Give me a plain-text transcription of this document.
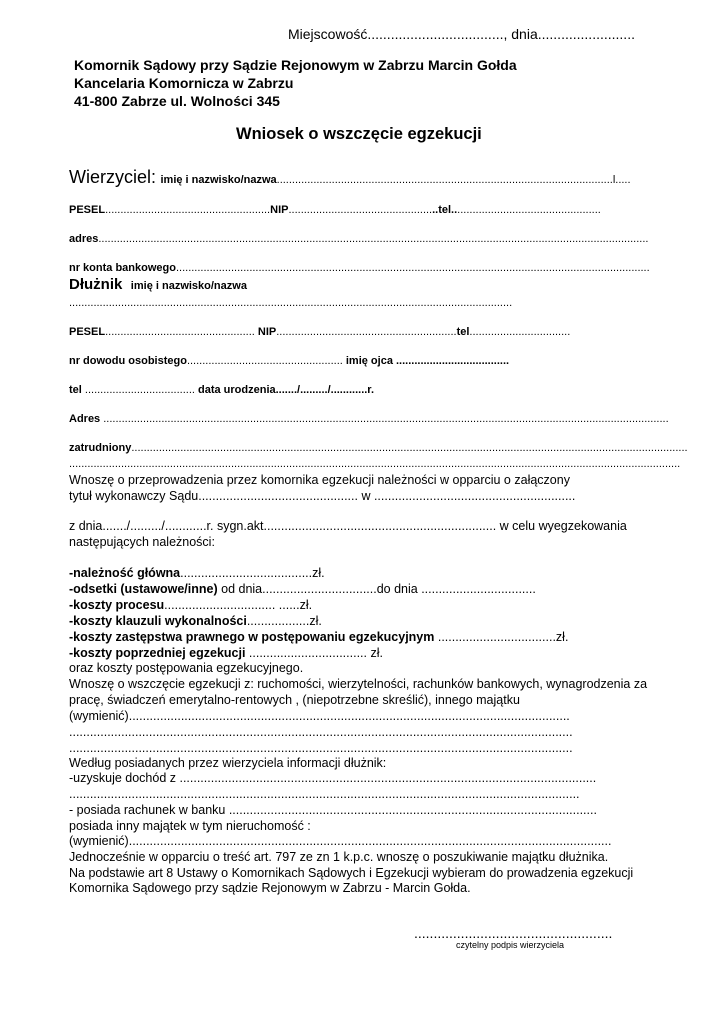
Miejscowość..................................., dnia.........................
Komornik Sądowy przy Sądzie Rejonowym w Zabrzu Marcin Gołda
Kancelaria Komornicza w Zabrzu
41-800 Zabrze ul. Wolności 345
Wniosek o wszczęcie egzekucji
Wierzyciel: imię i nazwisko/nazwa..............................................................................................................l.....
PESEL......................................................NIP.................................................tel.................................................
adres....................................................................................................................................................................................
nr konta bankowego...........................................................................................................................................................
Dłużnik imię i nazwisko/nazwa
.................................................................................................................................................
PESEL................................................. NIP...........................................................tel.................................
nr dowodu osobistego................................................... imię ojca .....................................
tel .................................... data urodzenia......./........./............r.
Adres .........................................................................................................................................................................................
zatrudniony......................................................................................................................................................................................
........................................................................................................................................................................................................
Wnoszę o przeprowadzenia przez komornika egzekucji należności w opparciu o załączony
tytuł wykonawczy Sądu.............................................. w ..........................................................
z dnia......./........./............r. sygn.akt................................................................... w celu wyegzekowania
następujących należności:
-należność główna......................................zł.
-odsetki (ustawowe/inne) od dnia.................................do dnia .................................
-koszty procesu................................ ......zł.
-koszty klauzuli wykonalności..................zł.
-koszty zastępstwa prawnego w postępowaniu egzekucyjnym ..................................zł.
-koszty poprzedniej egzekucji .................................. zł.
oraz koszty postępowania egzekucyjnego.
Wnoszę o wszczęcie egzekucji z: ruchomości, wierzytelności, rachunków bankowych, wynagrodzenia za
pracę, świadczeń emerytalno-rentowych , (niepotrzebne skreślić), innego majątku
(wymienić)...............................................................................................................................
.................................................................................................................................................
.................................................................................................................................................
Według posiadanych przez wierzyciela informacji dłużnik:
-uzyskuje dochód z ........................................................................................................................
...................................................................................................................................................
- posiada rachunek w banku ..........................................................................................................
posiada inny majątek w tym nieruchomość :
(wymienić)...........................................................................................................................................
Jednocześnie w opparciu o treść art. 797 ze zn 1 k.p.c. wnoszę o poszukiwanie majątku dłużnika.
Na podstawie art 8 Ustawy o Komornikach Sądowych i Egzekucji wybieram do prowadzenia egzekucji
Komornika Sądowego przy sądzie Rejonowym w Zabrzu - Marcin Gołda.
...................................................
czytelny podpis wierzyciela
